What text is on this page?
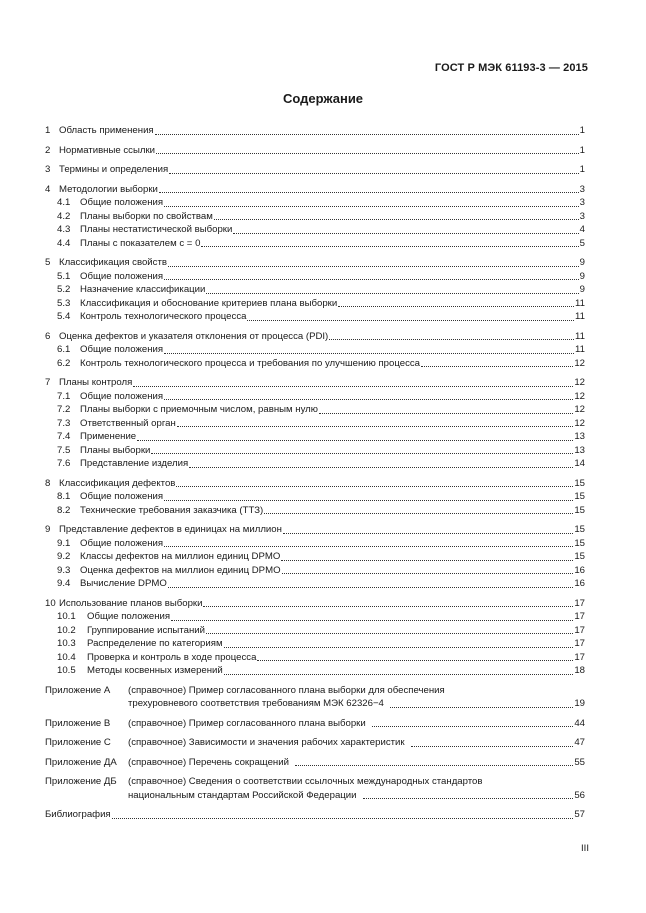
ГОСТ Р МЭК 61193-3 — 2015
Содержание
1 Область применения	1
2 Нормативные ссылки	1
3 Термины и определения	1
4 Методологии выборки	3
4.1	Общие положения	3
4.2	Планы выборки по свойствам	3
4.3	Планы нестатистической выборки	4
4.4	Планы с показателем c = 0	5
5 Классификация свойств	9
5.1	Общие положения	9
5.2	Назначение классификации	9
5.3	Классификация и обоснование критериев плана выборки	11
5.4	Контроль технологического процесса	11
6 Оценка дефектов и указателя отклонения от процесса (PDI)	11
6.1	Общие положения	11
6.2	Контроль технологического процесса и требования по улучшению процесса	12
7 Планы контроля	12
7.1	Общие положения	12
7.2	Планы выборки с приемочным числом, равным нулю	12
7.3	Ответственный орган	12
7.4	Применение	13
7.5	Планы выборки	13
7.6	Представление изделия	14
8 Классификация дефектов	15
8.1	Общие положения	15
8.2	Технические требования заказчика (ТТЗ)	15
9 Представление дефектов в единицах на миллион	15
9.1	Общие положения	15
9.2	Классы дефектов на миллион единиц DPMO	15
9.3	Оценка дефектов на миллион единиц DPMO	16
9.4	Вычисление DPMO	16
10 Использование планов выборки	17
10.1	Общие положения	17
10.2	Группирование испытаний	17
10.3	Распределение по категориям	17
10.4	Проверка и контроль в ходе процесса	17
10.5	Методы косвенных измерений	18
Приложение А (справочное) Пример согласованного плана выборки для обеспечения
трехуровневого соответствия требованиям МЭК 62326−4	19
Приложение В (справочное) Пример согласованного плана выборки	44
Приложение С (справочное) Зависимости и значения рабочих характеристик	47
Приложение ДА (справочное) Перечень сокращений	55
Приложение ДБ (справочное) Сведения о соответствии ссылочных международных стандартов
национальным стандартам Российской Федерации	56
Библиография	57
III
